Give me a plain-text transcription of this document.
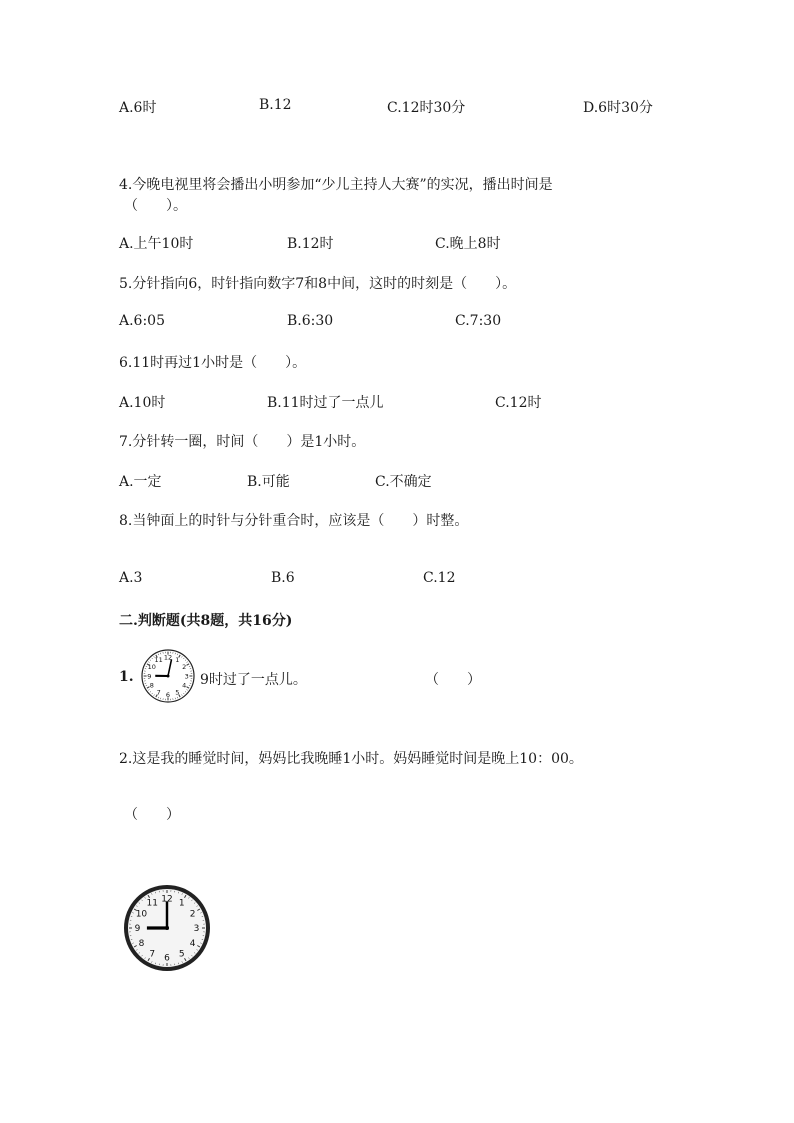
A.6时	B.12	C.12时30分	D.6时30分
4.今晚电视里将会播出小明参加“少儿主持人大赛”的实况，播出时间是
（　　）。
A.上午10时	B.12时	C.晚上8时
5.分针指向6，时针指向数字7和8中间，这时的时刻是（　　）。
A.6:05	B.6:30	C.7:30
6.11时再过1小时是（　　）。
A.10时	B.11时过了一点儿	C.12时
7.分针转一圈，时间（　　）是1小时。
A.一定	B.可能	C.不确定
8.当钟面上的时针与分针重合时，应该是（　　）时整。
A.3	B.6	C.12
二.判断题(共8题，共16分)
1.
12 1
2
3
4
5
6
7
8
9
10
11
9时过了一点儿。	（　　）
2.这是我的睡觉时间，妈妈比我晚睡1小时。妈妈睡觉时间是晚上10：00。
（　　）
12 1
2
3
4
5
6
7
8
9
10
11
